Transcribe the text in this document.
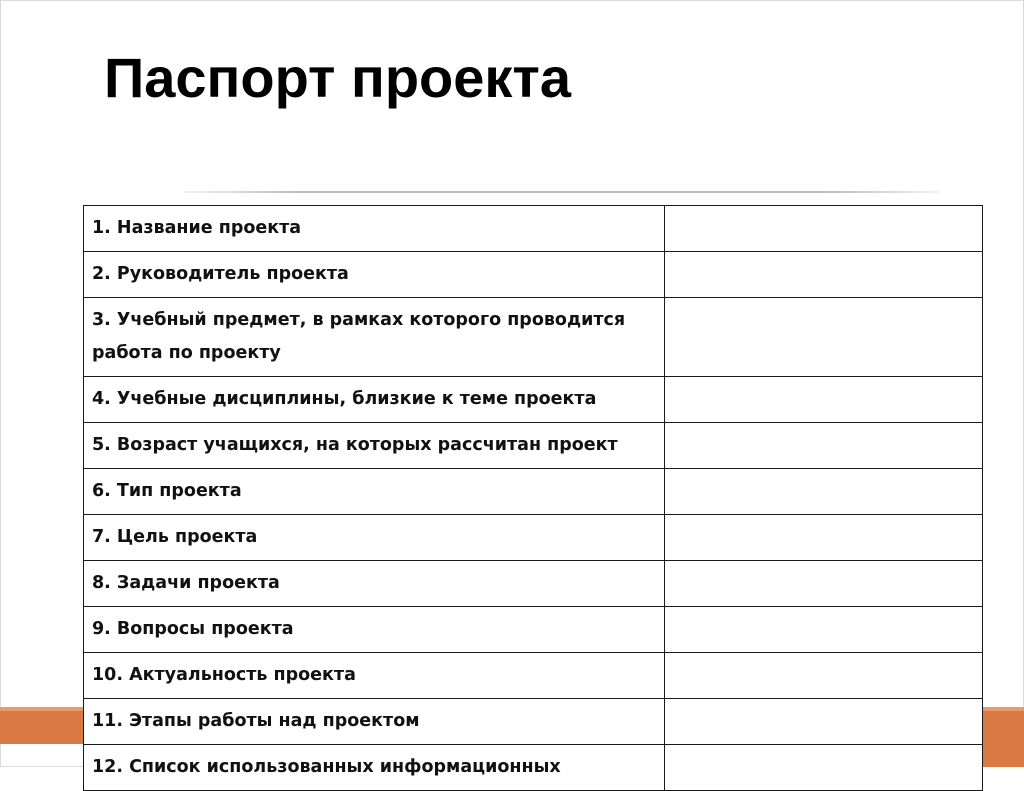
Паспорт проекта
1. Название проекта	
2. Руководитель проекта	
3. Учебный предмет, в рамках которого проводится работа по проекту	
4. Учебные дисциплины, близкие к теме проекта	
5. Возраст учащихся, на которых рассчитан проект	
6. Тип проекта	
7. Цель проекта	
8. Задачи проекта	
9. Вопросы проекта	
10. Актуальность проекта	
11. Этапы работы над проектом	
12. Список использованных информационных	
